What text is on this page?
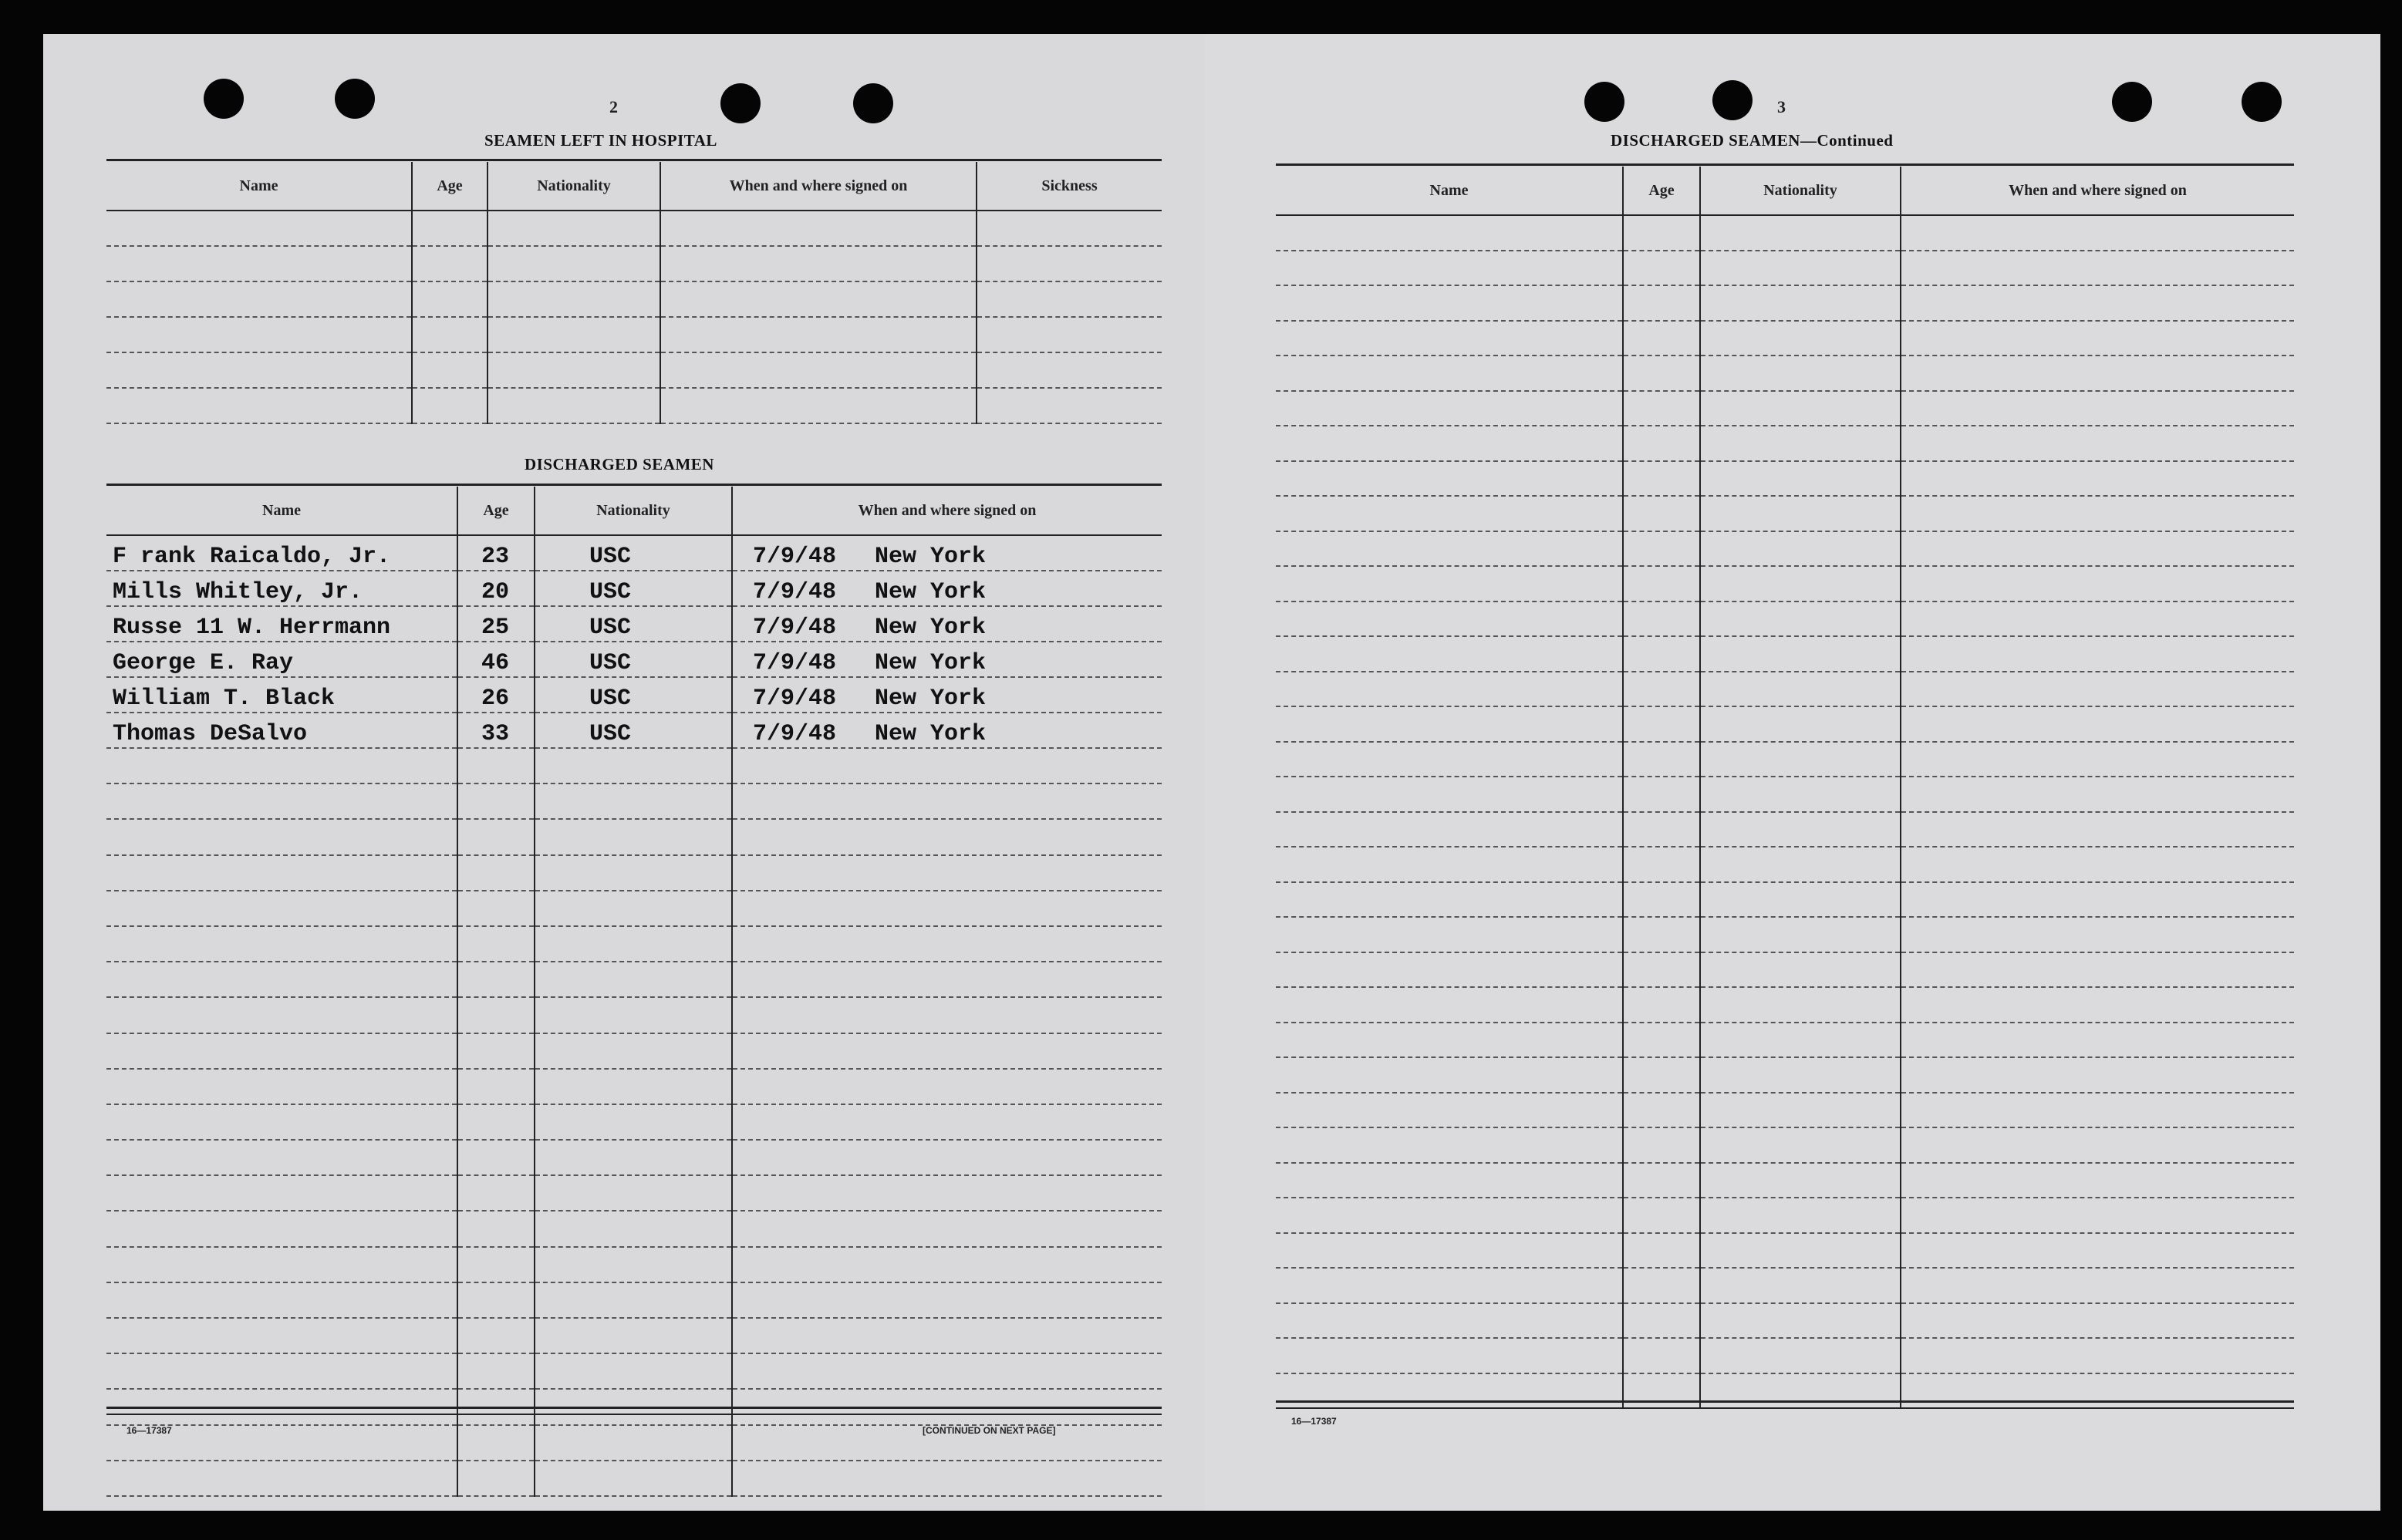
2
SEAMEN LEFT IN HOSPITAL
Name	Age	Nationality	When and where signed on	Sickness

DISCHARGED SEAMEN
Name	Age	Nationality	When and where signed on
F rank Raicaldo, Jr.	23	USC	7/9/48 New York
Mills Whitley, Jr.	20	USC	7/9/48 New York
Russe 11 W. Herrmann	25	USC	7/9/48 New York
George E. Ray	46	USC	7/9/48 New York
William T. Black	26	USC	7/9/48 New York
Thomas DeSalvo	33	USC	7/9/48 New York

16—17387	[CONTINUED ON NEXT PAGE]
3
DISCHARGED SEAMEN—Continued
Name	Age	Nationality	When and where signed on

16—17387
